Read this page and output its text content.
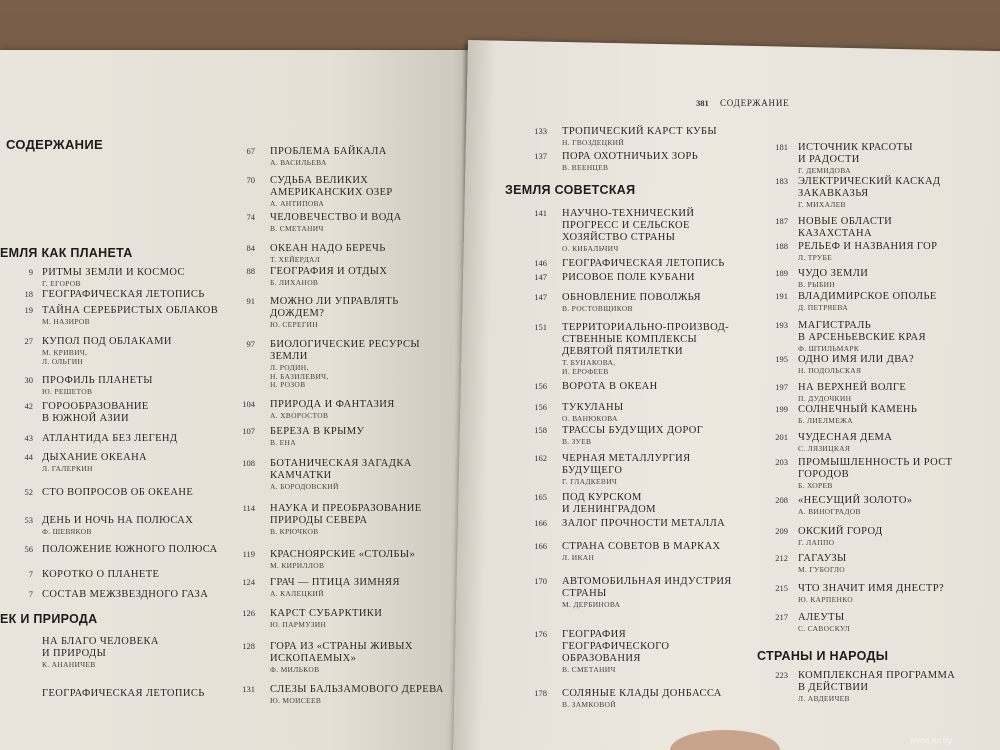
СОДЕРЖАНИЕ
ЕМЛЯ КАК ПЛАНЕТА
ЕК И ПРИРОДА
9 РИТМЫ ЗЕМЛИ И КОСМОС
Г. ЕГОРОВ
18 ГЕОГРАФИЧЕСКАЯ ЛЕТОПИСЬ
19 ТАЙНА СЕРЕБРИСТЫХ ОБЛАКОВ
М. НАЗИРОВ
27 КУПОЛ ПОД ОБЛАКАМИ
М. КРИВИЧ,
Л. ОЛЬГИН
30 ПРОФИЛЬ ПЛАНЕТЫ
Ю. РЕШЕТОВ
42 ГОРООБРАЗОВАНИЕ
В ЮЖНОЙ АЗИИ
43 АТЛАНТИДА БЕЗ ЛЕГЕНД
44 ДЫХАНИЕ ОКЕАНА
Л. ГАЛЕРКИН
52 СТО ВОПРОСОВ ОБ ОКЕАНЕ
53 ДЕНЬ И НОЧЬ НА ПОЛЮСАХ
Ф. ШЕВЯКОВ
56 ПОЛОЖЕНИЕ ЮЖНОГО ПОЛЮСА
7 КОРОТКО О ПЛАНЕТЕ
7 СОСТАВ МЕЖЗВЕЗДНОГО ГАЗА
НА БЛАГО ЧЕЛОВЕКА
И ПРИРОДЫ
К. АНАНИЧЕВ
ГЕОГРАФИЧЕСКАЯ ЛЕТОПИСЬ
67 ПРОБЛЕМА БАЙКАЛА
А. ВАСИЛЬЕВА
70 СУДЬБА ВЕЛИКИХ
АМЕРИКАНСКИХ ОЗЕР
А. АНТИПОВА
74 ЧЕЛОВЕЧЕСТВО И ВОДА
В. СМЕТАНИЧ
84 ОКЕАН НАДО БЕРЕЧЬ
Т. ХЕЙЕРДАЛ
88 ГЕОГРАФИЯ И ОТДЫХ
Б. ЛИХАНОВ
91 МОЖНО ЛИ УПРАВЛЯТЬ
ДОЖДЕМ?
Ю. СЕРЕГИН
97 БИОЛОГИЧЕСКИЕ РЕСУРСЫ
ЗЕМЛИ
Л. РОДИН,
Н. БАЗИЛЕВИЧ,
Н. РОЗОВ
104 ПРИРОДА И ФАНТАЗИЯ
А. ХВОРОСТОВ
107 БЕРЕЗА В КРЫМУ
В. ЕНА
108 БОТАНИЧЕСКАЯ ЗАГАДКА
КАМЧАТКИ
А. БОРОДОВСКИЙ
114 НАУКА И ПРЕОБРАЗОВАНИЕ
ПРИРОДЫ СЕВЕРА
В. КРЮЧКОВ
119 КРАСНОЯРСКИЕ «СТОЛБЫ»
М. КИРИЛЛОВ
124 ГРАЧ — ПТИЦА ЗИМНЯЯ
А. КАЛЕЦКИЙ
126 КАРСТ СУБАРКТИКИ
Ю. ПАРМУЗИН
128 ГОРА ИЗ «СТРАНЫ ЖИВЫХ
ИСКОПАЕМЫХ»
Ф. МИЛЬКОВ
131 СЛЕЗЫ БАЛЬЗАМОВОГО ДЕРЕВА
Ю. МОИСЕЕВ
381 СОДЕРЖАНИЕ
ЗЕМЛЯ СОВЕТСКАЯ
СТРАНЫ И НАРОДЫ
133 ТРОПИЧЕСКИЙ КАРСТ КУБЫ
Н. ГВОЗДЕЦКИЙ
137 ПОРА ОХОТНИЧЬИХ ЗОРЬ
В. ВЕЕНЦЕВ
141 НАУЧНО-ТЕХНИЧЕСКИЙ
ПРОГРЕСС И СЕЛЬСКОЕ
ХОЗЯЙСТВО СТРАНЫ
О. КИБАЛЬЧИЧ
146 ГЕОГРАФИЧЕСКАЯ ЛЕТОПИСЬ
147 РИСОВОЕ ПОЛЕ КУБАНИ
147 ОБНОВЛЕНИЕ ПОВОЛЖЬЯ
В. РОСТОВЩИКОВ
151 ТЕРРИТОРИАЛЬНО-ПРОИЗВОД-
СТВЕННЫЕ КОМПЛЕКСЫ
ДЕВЯТОЙ ПЯТИЛЕТКИ
Т. БУНАКОВА,
И. ЕРОФЕЕВ
156 ВОРОТА В ОКЕАН
156 ТУКУЛАНЫ
О. ВАНЮКОВА
158 ТРАССЫ БУДУЩИХ ДОРОГ
В. ЗУЕВ
162 ЧЕРНАЯ МЕТАЛЛУРГИЯ
БУДУЩЕГО
Г. ГЛАДКЕВИЧ
165 ПОД КУРСКОМ
И ЛЕНИНГРАДОМ
166 ЗАЛОГ ПРОЧНОСТИ МЕТАЛЛА
166 СТРАНА СОВЕТОВ В МАРКАХ
Л. ИКАН
170 АВТОМОБИЛЬНАЯ ИНДУСТРИЯ
СТРАНЫ
М. ДЕРБИНОВА
176 ГЕОГРАФИЯ
ГЕОГРАФИЧЕСКОГО
ОБРАЗОВАНИЯ
В. СМЕТАНИЧ
178 СОЛЯНЫЕ КЛАДЫ ДОНБАССА
В. ЗАМКОВОЙ
181 ИСТОЧНИК КРАСОТЫ
И РАДОСТИ
Г. ДЕМИДОВА
183 ЭЛЕКТРИЧЕСКИЙ КАСКАД
ЗАКАВКАЗЬЯ
Г. МИХАЛЕВ
187 НОВЫЕ ОБЛАСТИ
КАЗАХСТАНА
188 РЕЛЬЕФ И НАЗВАНИЯ ГОР
Л. ТРУБЕ
189 ЧУДО ЗЕМЛИ
В. РЫБИН
191 ВЛАДИМИРСКОЕ ОПОЛЬЕ
Д. ПЕТРЯЕВА
193 МАГИСТРАЛЬ
В АРСЕНЬЕВСКИЕ КРАЯ
Ф. ШТИЛЬМАРК
195 ОДНО ИМЯ ИЛИ ДВА?
Н. ПОДОЛЬСКАЯ
197 НА ВЕРХНЕЙ ВОЛГЕ
П. ДУДОЧКИН
199 СОЛНЕЧНЫЙ КАМЕНЬ
Б. ЛИЕЛМЕЖА
201 ЧУДЕСНАЯ ДЕМА
С. ЛЯЗИЦКАЯ
203 ПРОМЫШЛЕННОСТЬ И РОСТ
ГОРОДОВ
Б. ХОРЕВ
208 «НЕСУЩИЙ ЗОЛОТО»
А. ВИНОГРАДОВ
209 ОКСКИЙ ГОРОД
Г. ЛАППО
212 ГАГАУЗЫ
М. ГУБОГЛО
215 ЧТО ЗНАЧИТ ИМЯ ДНЕСТР?
Ю. КАРПЕНКО
217 АЛЕУТЫ
С. САВОСКУЛ
223 КОМПЛЕКСНАЯ ПРОГРАММА
В ДЕЙСТВИИ
Л. АВДЕИЧЕВ
www.av.by
